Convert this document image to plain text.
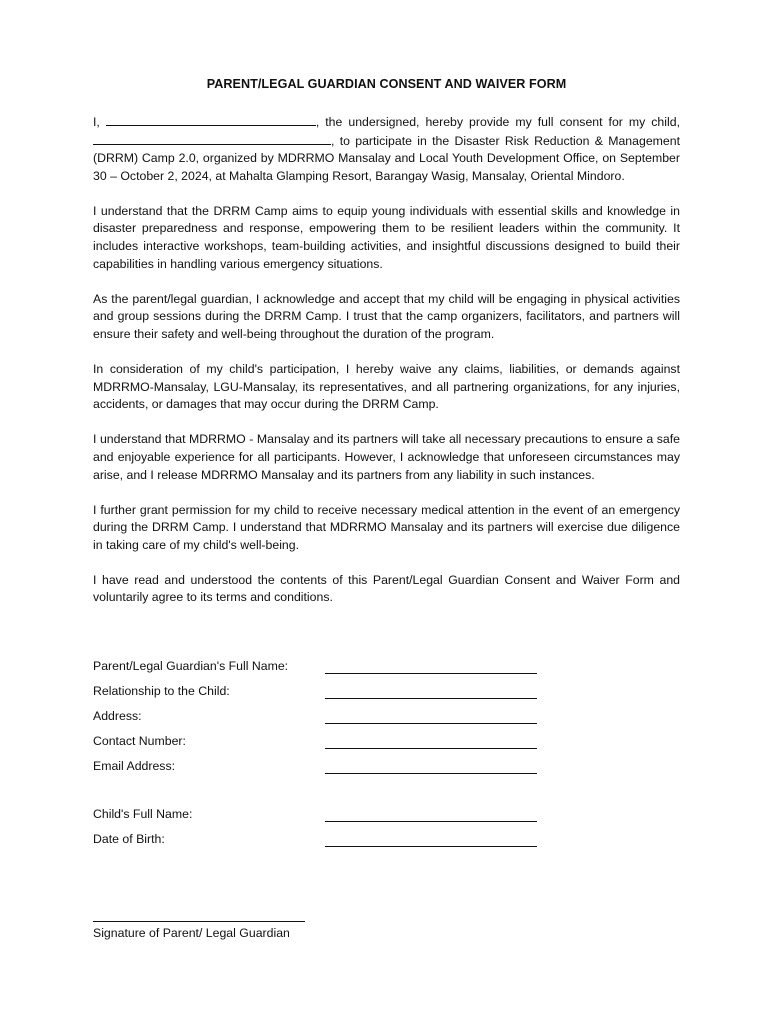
PARENT/LEGAL GUARDIAN CONSENT AND WAIVER FORM

I,	, the undersigned, hereby provide my full consent for my child, , to participate in the Disaster Risk Reduction & Management (DRRM) Camp 2.0, organized by MDRRMO Mansalay and Local Youth Development Office, on September 30 – October 2, 2024, at Mahalta Glamping Resort, Barangay Wasig, Mansalay, Oriental Mindoro.

I understand that the DRRM Camp aims to equip young individuals with essential skills and knowledge in disaster preparedness and response, empowering them to be resilient leaders within the community. It includes interactive workshops, team-building activities, and insightful discussions designed to build their capabilities in handling various emergency situations.

As the parent/legal guardian, I acknowledge and accept that my child will be engaging in physical activities and group sessions during the DRRM Camp. I trust that the camp organizers, facilitators, and partners will ensure their safety and well-being throughout the duration of the program.

In consideration of my child's participation, I hereby waive any claims, liabilities, or demands against MDRRMO-Mansalay, LGU-Mansalay, its representatives, and all partnering organizations, for any injuries, accidents, or damages that may occur during the DRRM Camp.

I understand that MDRRMO - Mansalay and its partners will take all necessary precautions to ensure a safe and enjoyable experience for all participants. However, I acknowledge that unforeseen circumstances may arise, and I release MDRRMO Mansalay and its partners from any liability in such instances.

I further grant permission for my child to receive necessary medical attention in the event of an emergency during the DRRM Camp. I understand that MDRRMO Mansalay and its partners will exercise due diligence in taking care of my child's well-being.

I have read and understood the contents of this Parent/Legal Guardian Consent and Waiver Form and voluntarily agree to its terms and conditions.

Parent/Legal Guardian's Full Name:
Relationship to the Child:
Address:
Contact Number:
Email Address:
Child's Full Name:
Date of Birth:
Signature of Parent/ Legal Guardian
